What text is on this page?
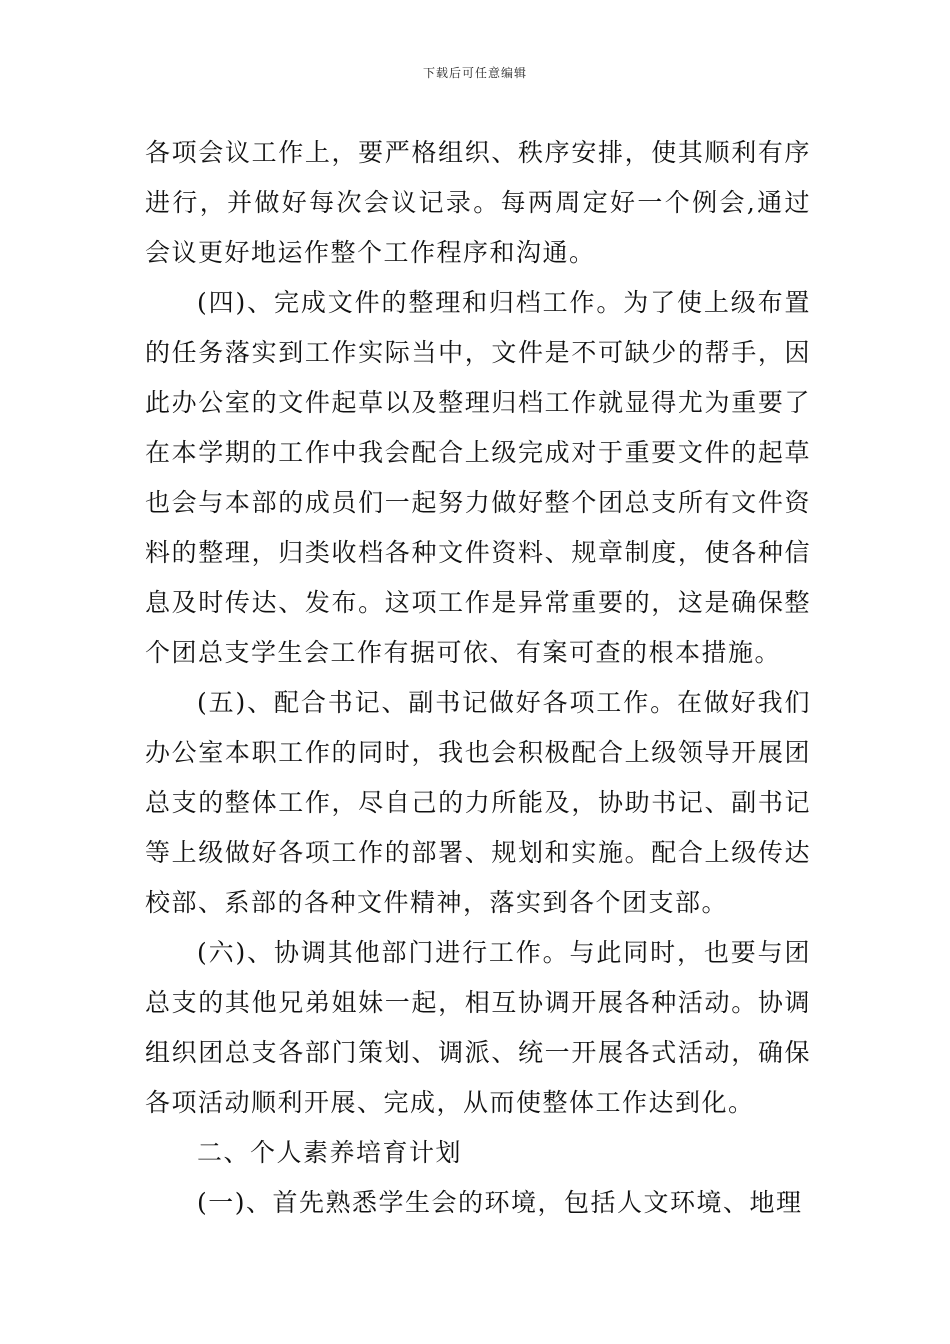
下载后可任意编辑

各项会议工作上，要严格组织、秩序安排，使其顺利有序进行，并做好每次会议记录。每两周定好一个例会,通过会议更好地运作整个工作程序和沟通。

(四)、完成文件的整理和归档工作。为了使上级布置的任务落实到工作实际当中，文件是不可缺少的帮手，因此办公室的文件起草以及整理归档工作就显得尤为重要了在本学期的工作中我会配合上级完成对于重要文件的起草也会与本部的成员们一起努力做好整个团总支所有文件资料的整理，归类收档各种文件资料、规章制度，使各种信息及时传达、发布。这项工作是异常重要的，这是确保整个团总支学生会工作有据可依、有案可查的根本措施。

(五)、配合书记、副书记做好各项工作。在做好我们办公室本职工作的同时，我也会积极配合上级领导开展团总支的整体工作，尽自己的力所能及，协助书记、副书记等上级做好各项工作的部署、规划和实施。配合上级传达校部、系部的各种文件精神，落实到各个团支部。

(六)、协调其他部门进行工作。与此同时，也要与团总支的其他兄弟姐妹一起，相互协调开展各种活动。协调组织团总支各部门策划、调派、统一开展各式活动，确保各项活动顺利开展、完成，从而使整体工作达到化。

二、个人素养培育计划

(一)、首先熟悉学生会的环境，包括人文环境、地理
